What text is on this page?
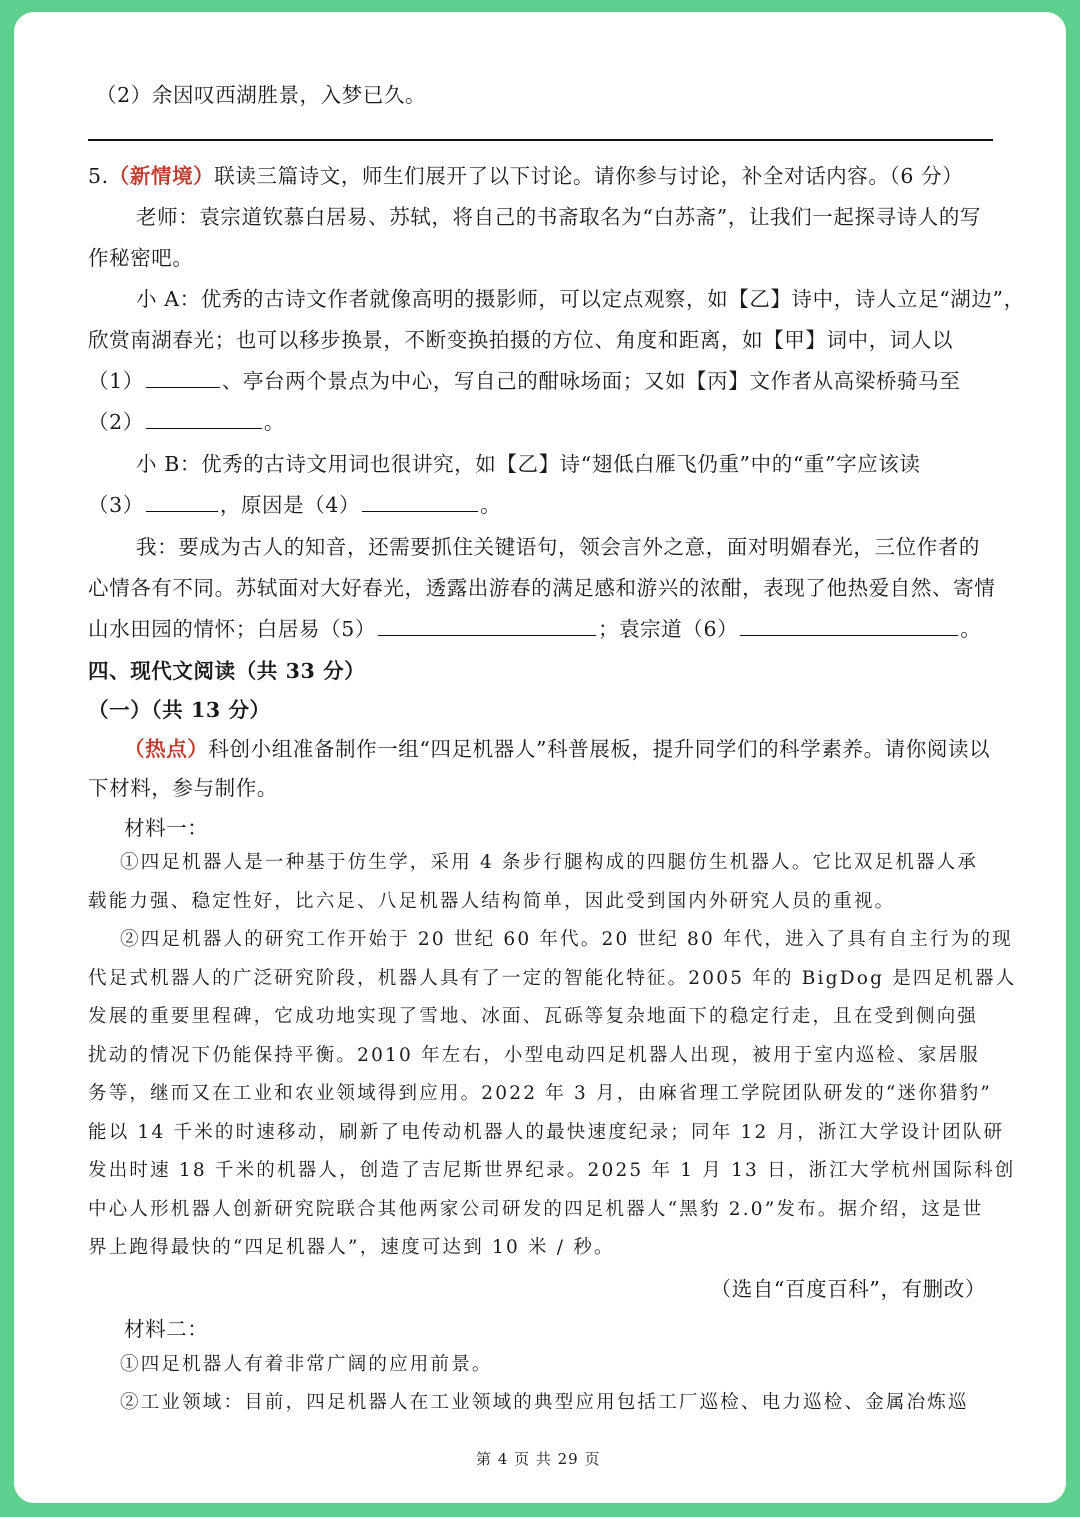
（2）余因叹西湖胜景，入梦已久。
5.（新情境）联读三篇诗文，师生们展开了以下讨论。请你参与讨论，补全对话内容。（6 分）
老师：袁宗道钦慕白居易、苏轼，将自己的书斋取名为“白苏斋”，让我们一起探寻诗人的写
作秘密吧。
小 A：优秀的古诗文作者就像高明的摄影师，可以定点观察，如【乙】诗中，诗人立足“湖边”，
欣赏南湖春光；也可以移步换景，不断变换拍摄的方位、角度和距离，如【甲】词中，词人以
（1）	、亭台两个景点为中心，写自己的酣咏场面；又如【丙】文作者从高梁桥骑马至
（2）	。
小 B：优秀的古诗文用词也很讲究，如【乙】诗“翅低白雁飞仍重”中的“重”字应该读
（3）	，原因是（4）	。
我：要成为古人的知音，还需要抓住关键语句，领会言外之意，面对明媚春光，三位作者的
心情各有不同。苏轼面对大好春光，透露出游春的满足感和游兴的浓酣，表现了他热爱自然、寄情
山水田园的情怀；白居易（5）	；袁宗道（6）	。
四、现代文阅读（共 33 分）
（一）（共 13 分）
（热点）科创小组准备制作一组“四足机器人”科普展板，提升同学们的科学素养。请你阅读以
下材料，参与制作。
材料一：
①四足机器人是一种基于仿生学，采用 4 条步行腿构成的四腿仿生机器人。它比双足机器人承
载能力强、稳定性好，比六足、八足机器人结构简单，因此受到国内外研究人员的重视。
②四足机器人的研究工作开始于 20 世纪 60 年代。20 世纪 80 年代，进入了具有自主行为的现
代足式机器人的广泛研究阶段，机器人具有了一定的智能化特征。2005 年的 BigDog 是四足机器人
发展的重要里程碑，它成功地实现了雪地、冰面、瓦砾等复杂地面下的稳定行走，且在受到侧向强
扰动的情况下仍能保持平衡。2010 年左右，小型电动四足机器人出现，被用于室内巡检、家居服
务等，继而又在工业和农业领域得到应用。2022 年 3 月，由麻省理工学院团队研发的“迷你猎豹”
能以 14 千米的时速移动，刷新了电传动机器人的最快速度纪录；同年 12 月，浙江大学设计团队研
发出时速 18 千米的机器人，创造了吉尼斯世界纪录。2025 年 1 月 13 日，浙江大学杭州国际科创
中心人形机器人创新研究院联合其他两家公司研发的四足机器人“黑豹 2.0”发布。据介绍，这是世
界上跑得最快的“四足机器人”，速度可达到 10 米 / 秒。
（选自“百度百科”，有删改）
材料二：
①四足机器人有着非常广阔的应用前景。
②工业领域：目前，四足机器人在工业领域的典型应用包括工厂巡检、电力巡检、金属冶炼巡
第 4 页 共 29 页
